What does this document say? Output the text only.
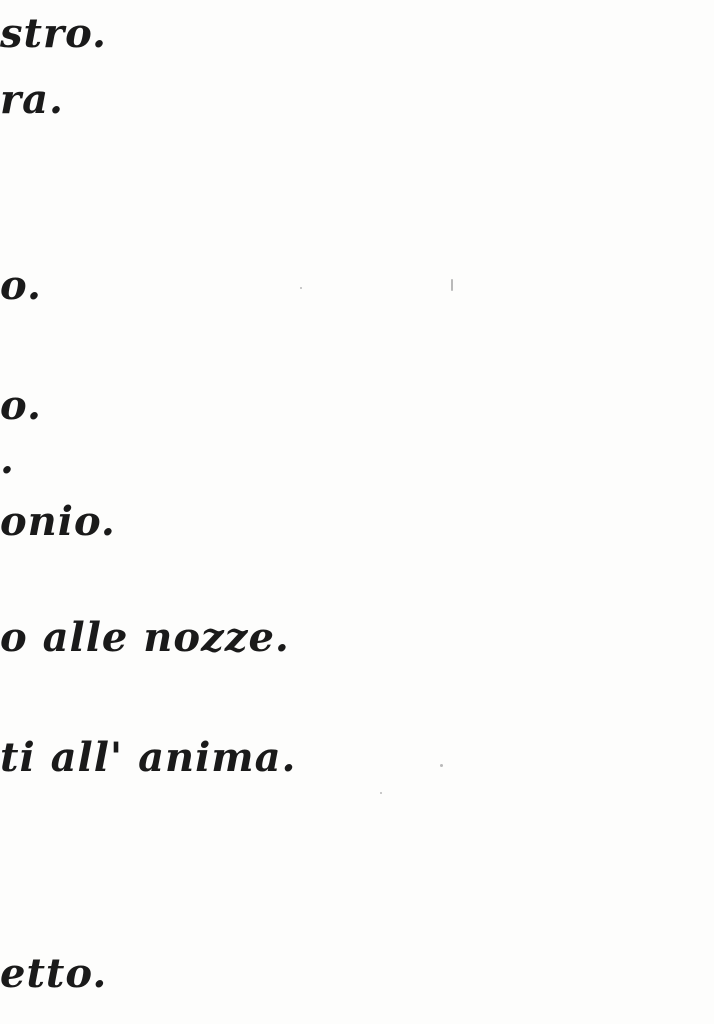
stro.

ra.

o.

o.

.

onio.

o alle nozze.

ti all' anima.

etto.
